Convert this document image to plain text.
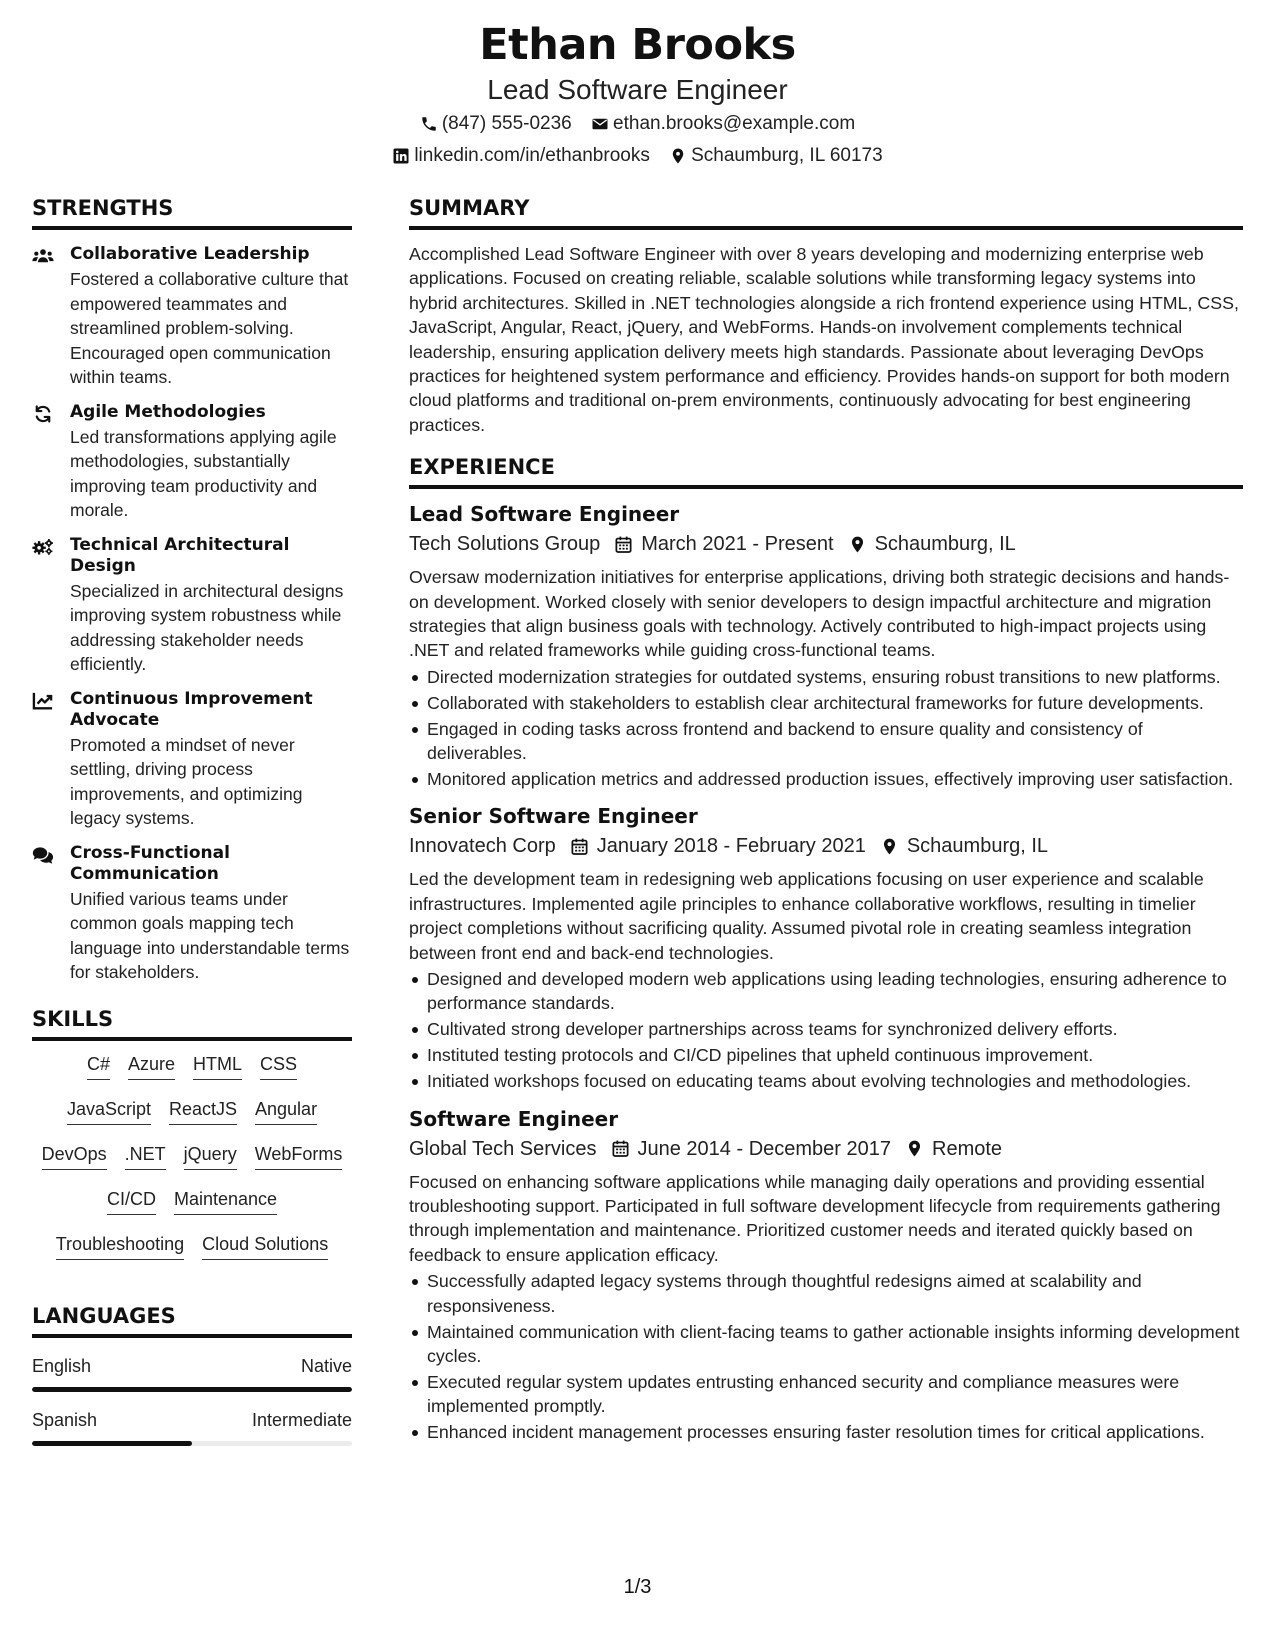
Ethan Brooks
Lead Software Engineer
(847) 555-0236
ethan.brooks@example.com
linkedin.com/in/ethanbrooks
Schaumburg, IL 60173
STRENGTHS
Collaborative Leadership
Fostered a collaborative culture that empowered teammates and streamlined problem-solving. Encouraged open communication within teams.
Agile Methodologies
Led transformations applying agile methodologies, substantially improving team productivity and morale.
Technical Architectural Design
Specialized in architectural designs improving system robustness while addressing stakeholder needs efficiently.
Continuous Improvement Advocate
Promoted a mindset of never settling, driving process improvements, and optimizing legacy systems.
Cross-Functional Communication
Unified various teams under common goals mapping tech language into understandable terms for stakeholders.
SKILLS
C# Azure HTML CSS
JavaScript ReactJS Angular
DevOps .NET jQuery WebForms
CI/CD Maintenance
Troubleshooting Cloud Solutions
LANGUAGES
English	Native
Spanish	Intermediate
SUMMARY
Accomplished Lead Software Engineer with over 8 years developing and modernizing enterprise web applications. Focused on creating reliable, scalable solutions while transforming legacy systems into hybrid architectures. Skilled in .NET technologies alongside a rich frontend experience using HTML, CSS, JavaScript, Angular, React, jQuery, and WebForms. Hands-on involvement complements technical leadership, ensuring application delivery meets high standards. Passionate about leveraging DevOps practices for heightened system performance and efficiency. Provides hands-on support for both modern cloud platforms and traditional on-prem environments, continuously advocating for best engineering practices.
EXPERIENCE
Lead Software Engineer
Tech Solutions Group March 2021 - Present Schaumburg, IL
Oversaw modernization initiatives for enterprise applications, driving both strategic decisions and hands-on development. Worked closely with senior developers to design impactful architecture and migration strategies that align business goals with technology. Actively contributed to high-impact projects using .NET and related frameworks while guiding cross-functional teams.
Directed modernization strategies for outdated systems, ensuring robust transitions to new platforms.
Collaborated with stakeholders to establish clear architectural frameworks for future developments.
Engaged in coding tasks across frontend and backend to ensure quality and consistency of deliverables.
Monitored application metrics and addressed production issues, effectively improving user satisfaction.
Senior Software Engineer
Innovatech Corp January 2018 - February 2021 Schaumburg, IL
Led the development team in redesigning web applications focusing on user experience and scalable infrastructures. Implemented agile principles to enhance collaborative workflows, resulting in timelier project completions without sacrificing quality. Assumed pivotal role in creating seamless integration between front end and back-end technologies.
Designed and developed modern web applications using leading technologies, ensuring adherence to performance standards.
Cultivated strong developer partnerships across teams for synchronized delivery efforts.
Instituted testing protocols and CI/CD pipelines that upheld continuous improvement.
Initiated workshops focused on educating teams about evolving technologies and methodologies.
Software Engineer
Global Tech Services June 2014 - December 2017 Remote
Focused on enhancing software applications while managing daily operations and providing essential troubleshooting support. Participated in full software development lifecycle from requirements gathering through implementation and maintenance. Prioritized customer needs and iterated quickly based on feedback to ensure application efficacy.
Successfully adapted legacy systems through thoughtful redesigns aimed at scalability and responsiveness.
Maintained communication with client-facing teams to gather actionable insights informing development cycles.
Executed regular system updates entrusting enhanced security and compliance measures were implemented promptly.
Enhanced incident management processes ensuring faster resolution times for critical applications.
1/3
